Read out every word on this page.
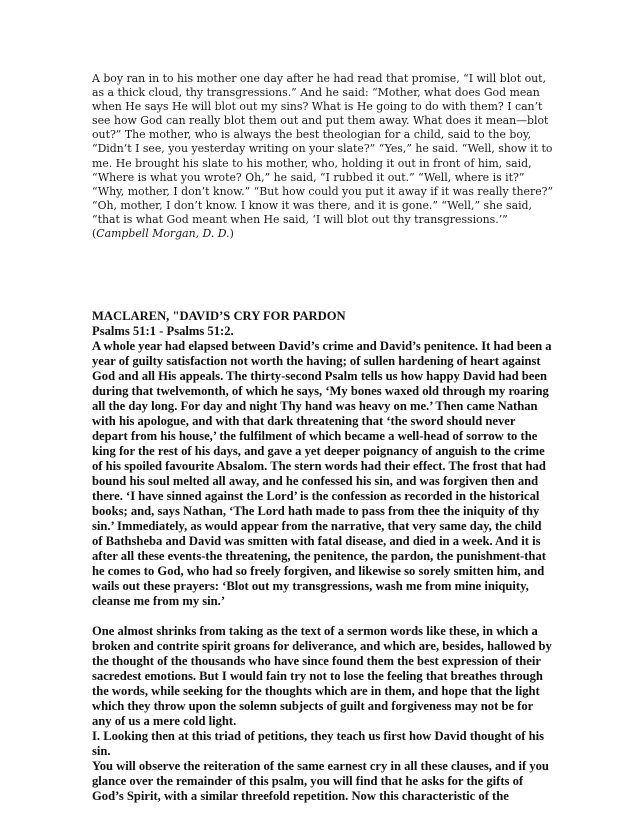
A boy ran in to his mother one day after he had read that promise, “I will blot out, as a thick cloud, thy transgressions.” And he said: “Mother, what does God mean when He says He will blot out my sins? What is He going to do with them? I can’t see how God can really blot them out and put them away. What does it mean—blot out?” The mother, who is always the best theologian for a child, said to the boy, “Didn’t I see, you yesterday writing on your slate?” “Yes,” he said. “Well, show it to me. He brought his slate to his mother, who, holding it out in front of him, said, “Where is what you wrote? Oh,” he said, “I rubbed it out.” “Well, where is it?” “Why, mother, I don’t know.” “But how could you put it away if it was really there?” “Oh, mother, I don’t know. I know it was there, and it is gone.” “Well,” she said, “that is what God meant when He said, ‘I will blot out thy transgressions.’” (Campbell Morgan, D. D.)

MACLAREN, "DAVID’S CRY FOR PARDON
Psalms 51:1 - Psalms 51:2.

A whole year had elapsed between David’s crime and David’s penitence. It had been a year of guilty satisfaction not worth the having; of sullen hardening of heart against God and all His appeals. The thirty-second Psalm tells us how happy David had been during that twelvemonth, of which he says, ‘My bones waxed old through my roaring all the day long. For day and night Thy hand was heavy on me.’ Then came Nathan with his apologue, and with that dark threatening that ‘the sword should never depart from his house,’ the fulfilment of which became a well-head of sorrow to the king for the rest of his days, and gave a yet deeper poignancy of anguish to the crime of his spoiled favourite Absalom. The stern words had their effect. The frost that had bound his soul melted all away, and he confessed his sin, and was forgiven then and there. ‘I have sinned against the Lord’ is the confession as recorded in the historical books; and, says Nathan, ‘The Lord hath made to pass from thee the iniquity of thy sin.’ Immediately, as would appear from the narrative, that very same day, the child of Bathsheba and David was smitten with fatal disease, and died in a week. And it is after all these events-the threatening, the penitence, the pardon, the punishment-that he comes to God, who had so freely forgiven, and likewise so sorely smitten him, and wails out these prayers: ‘Blot out my transgressions, wash me from mine iniquity, cleanse me from my sin.’

One almost shrinks from taking as the text of a sermon words like these, in which a broken and contrite spirit groans for deliverance, and which are, besides, hallowed by the thought of the thousands who have since found them the best expression of their sacredest emotions. But I would fain try not to lose the feeling that breathes through the words, while seeking for the thoughts which are in them, and hope that the light which they throw upon the solemn subjects of guilt and forgiveness may not be for any of us a mere cold light.

I. Looking then at this triad of petitions, they teach us first how David thought of his sin.

You will observe the reiteration of the same earnest cry in all these clauses, and if you glance over the remainder of this psalm, you will find that he asks for the gifts of God’s Spirit, with a similar threefold repetition. Now this characteristic of the
